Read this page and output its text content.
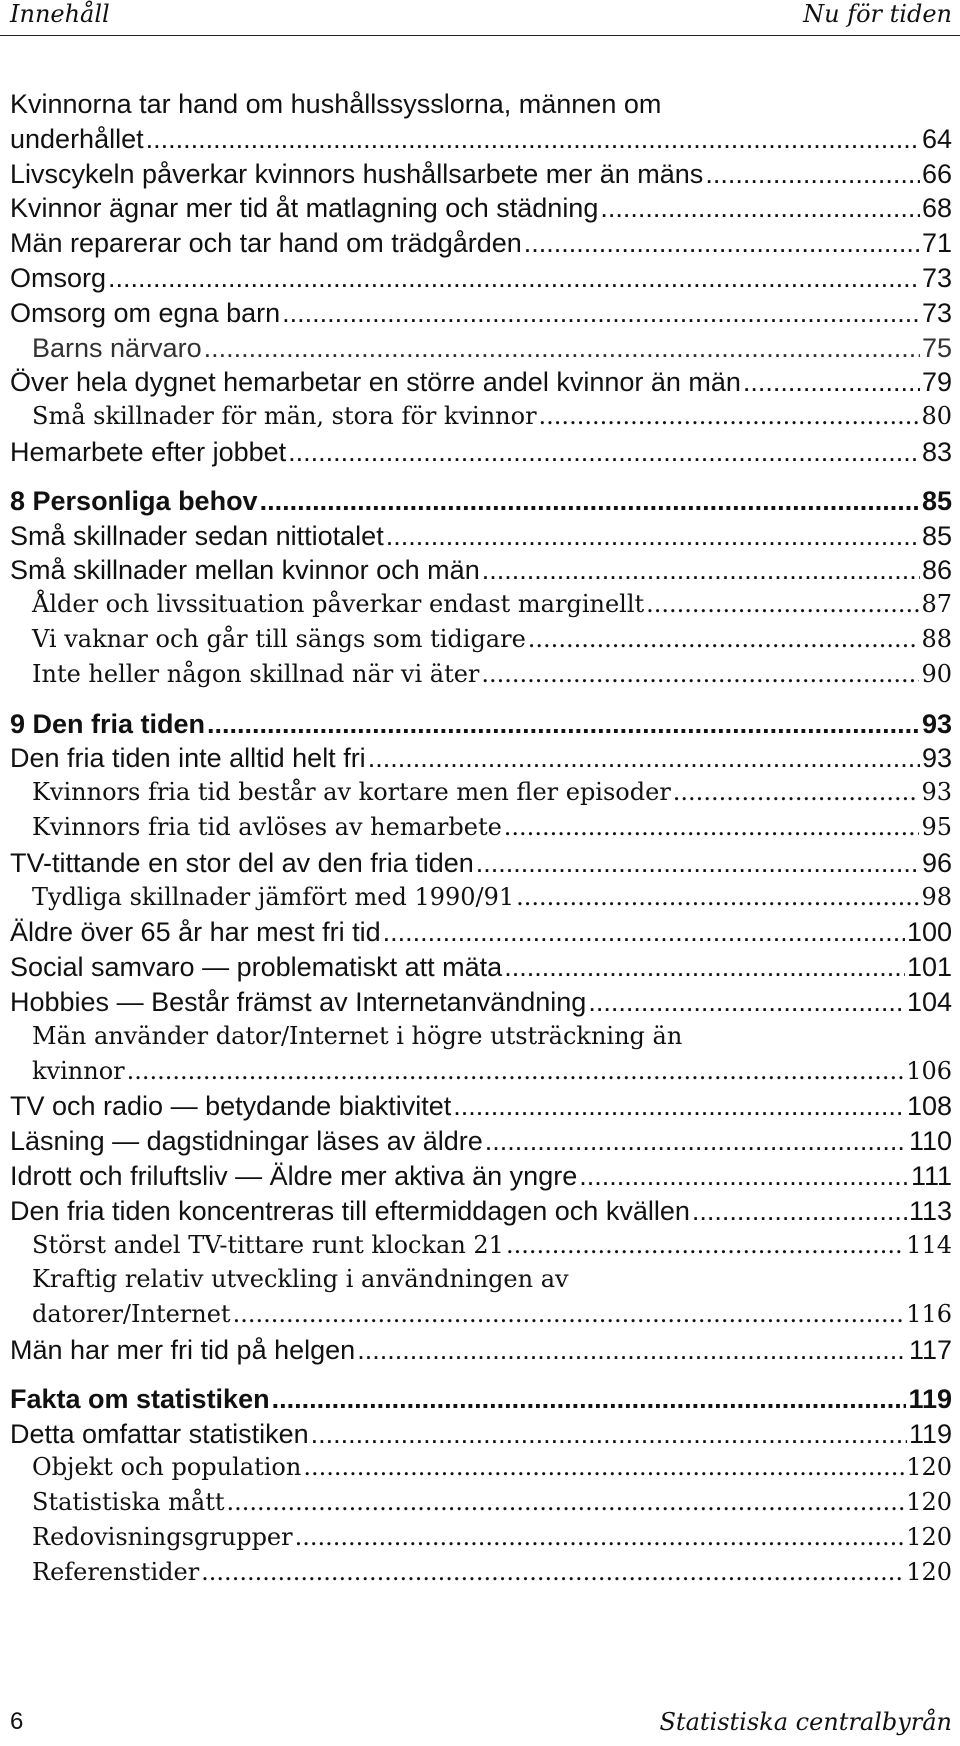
Innehåll	Nu för tiden
Kvinnorna tar hand om hushållssysslorna, männen om
underhållet .....	64
Livscykeln påverkar kvinnors hushållsarbete mer än mäns .....	66
Kvinnor ägnar mer tid åt matlagning och städning .....	68
Män reparerar och tar hand om trädgården .....	71
Omsorg .....	73
Omsorg om egna barn .....	73
Barns närvaro .....	75
Över hela dygnet hemarbetar en större andel kvinnor än män .....	79
Små skillnader för män, stora för kvinnor .....	80
Hemarbete efter jobbet .....	83
8 Personliga behov .....	85
Små skillnader sedan nittiotalet .....	85
Små skillnader mellan kvinnor och män .....	86
Ålder och livssituation påverkar endast marginellt .....	87
Vi vaknar och går till sängs som tidigare .....	88
Inte heller någon skillnad när vi äter .....	90
9 Den fria tiden .....	93
Den fria tiden inte alltid helt fri .....	93
Kvinnors fria tid består av kortare men fler episoder .....	93
Kvinnors fria tid avlöses av hemarbete .....	95
TV-tittande en stor del av den fria tiden .....	96
Tydliga skillnader jämfört med 1990/91 .....	98
Äldre över 65 år har mest fri tid .....	100
Social samvaro — problematiskt att mäta .....	101
Hobbies — Består främst av Internetanvändning .....	104
Män använder dator/Internet i högre utsträckning än
kvinnor .....	106
TV och radio — betydande biaktivitet .....	108
Läsning — dagstidningar läses av äldre .....	110
Idrott och friluftsliv — Äldre mer aktiva än yngre .....	111
Den fria tiden koncentreras till eftermiddagen och kvällen .....	113
Störst andel TV-tittare runt klockan 21 .....	114
Kraftig relativ utveckling i användningen av
datorer/Internet .....	116
Män har mer fri tid på helgen .....	117
Fakta om statistiken .....	119
Detta omfattar statistiken .....	119
Objekt och population .....	120
Statistiska mått .....	120
Redovisningsgrupper .....	120
Referenstider .....	120
6	Statistiska centralbyrån
